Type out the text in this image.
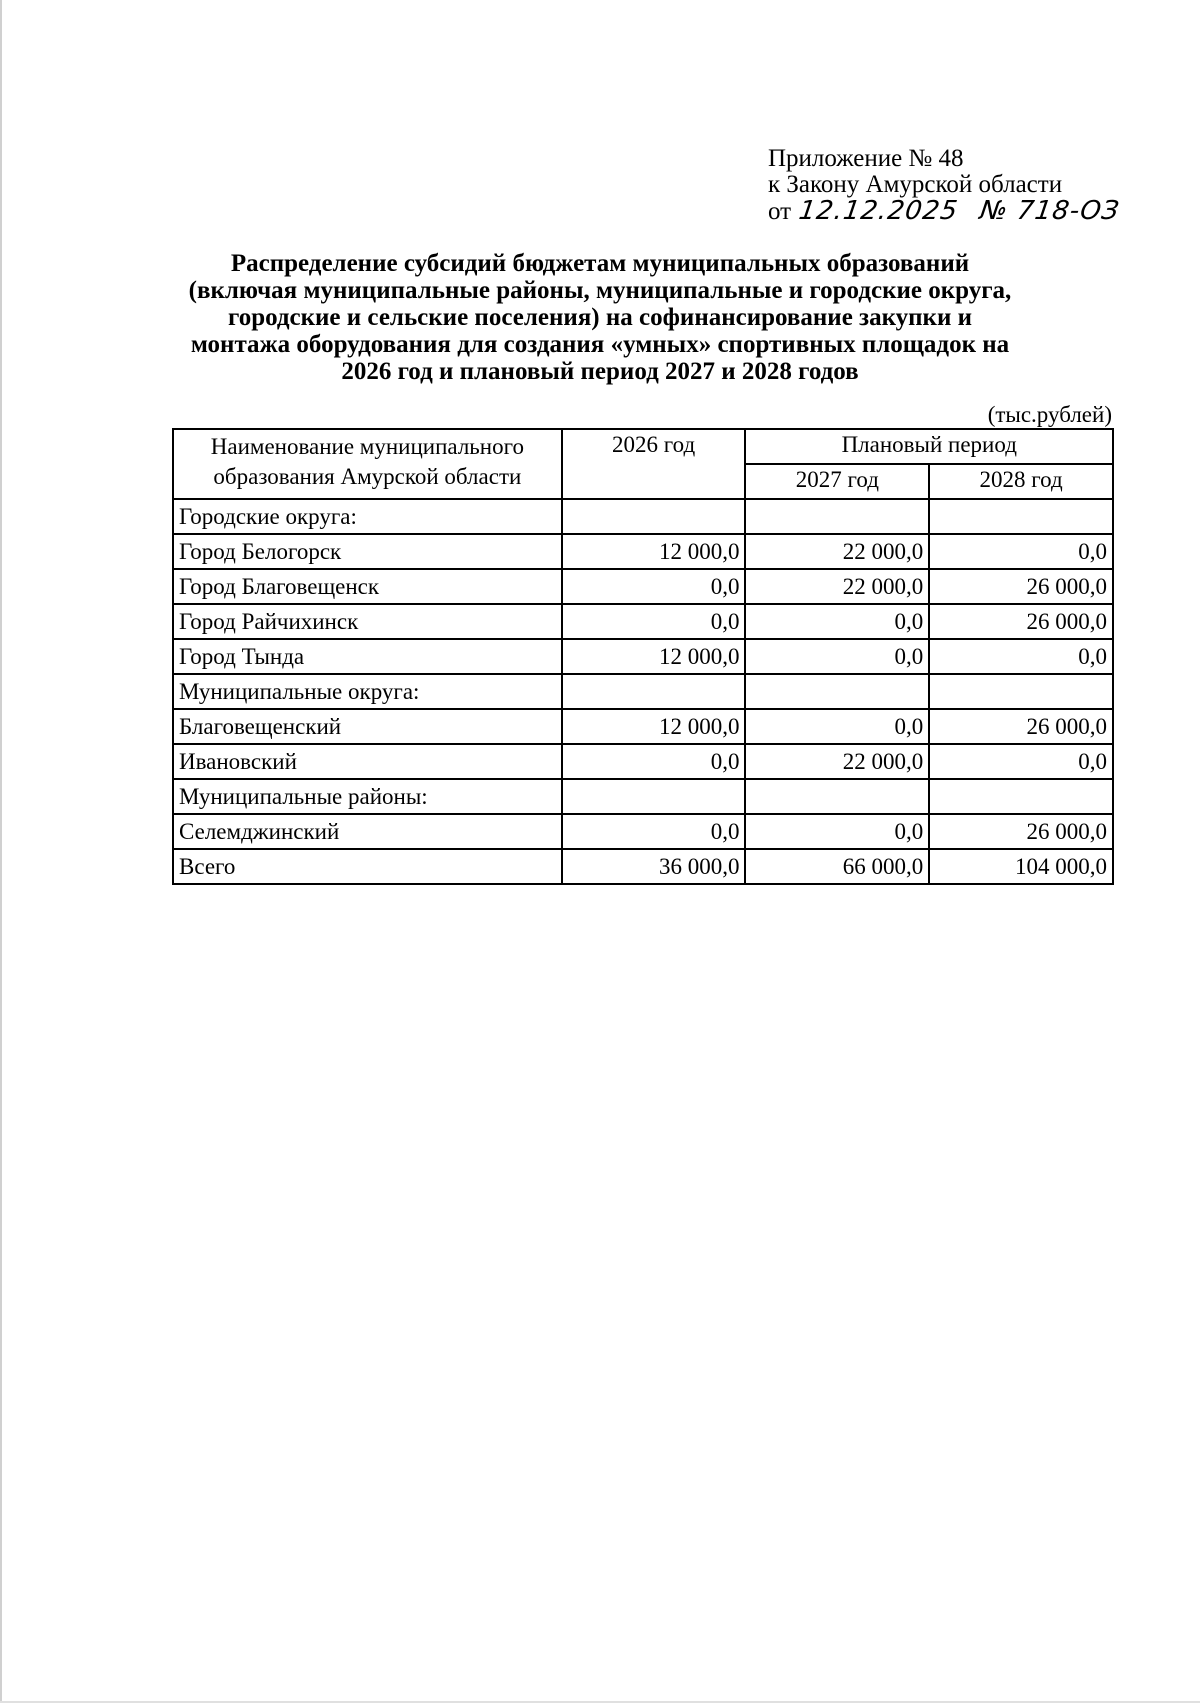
Приложение № 48
к Закону Амурской области
от 12.12.2025 № 718-ОЗ
Распределение субсидий бюджетам муниципальных образований
(включая муниципальные районы, муниципальные и городские округа,
городские и сельские поселения) на софинансирование закупки и
монтажа оборудования для создания «умных» спортивных площадок на
2026 год и плановый период 2027 и 2028 годов
(тыс.рублей)
Наименование муниципального
образования Амурской области	2026 год	Плановый период	
		2027 год	2028 год
Городские округа:			
Город Белогорск	12 000,0	22 000,0	0,0
Город Благовещенск	0,0	22 000,0	26 000,0
Город Райчихинск	0,0	0,0	26 000,0
Город Тында	12 000,0	0,0	0,0
Муниципальные округа:			
Благовещенский	12 000,0	0,0	26 000,0
Ивановский	0,0	22 000,0	0,0
Муниципальные районы:			
Селемджинский	0,0	0,0	26 000,0
Всего	36 000,0	66 000,0	104 000,0
